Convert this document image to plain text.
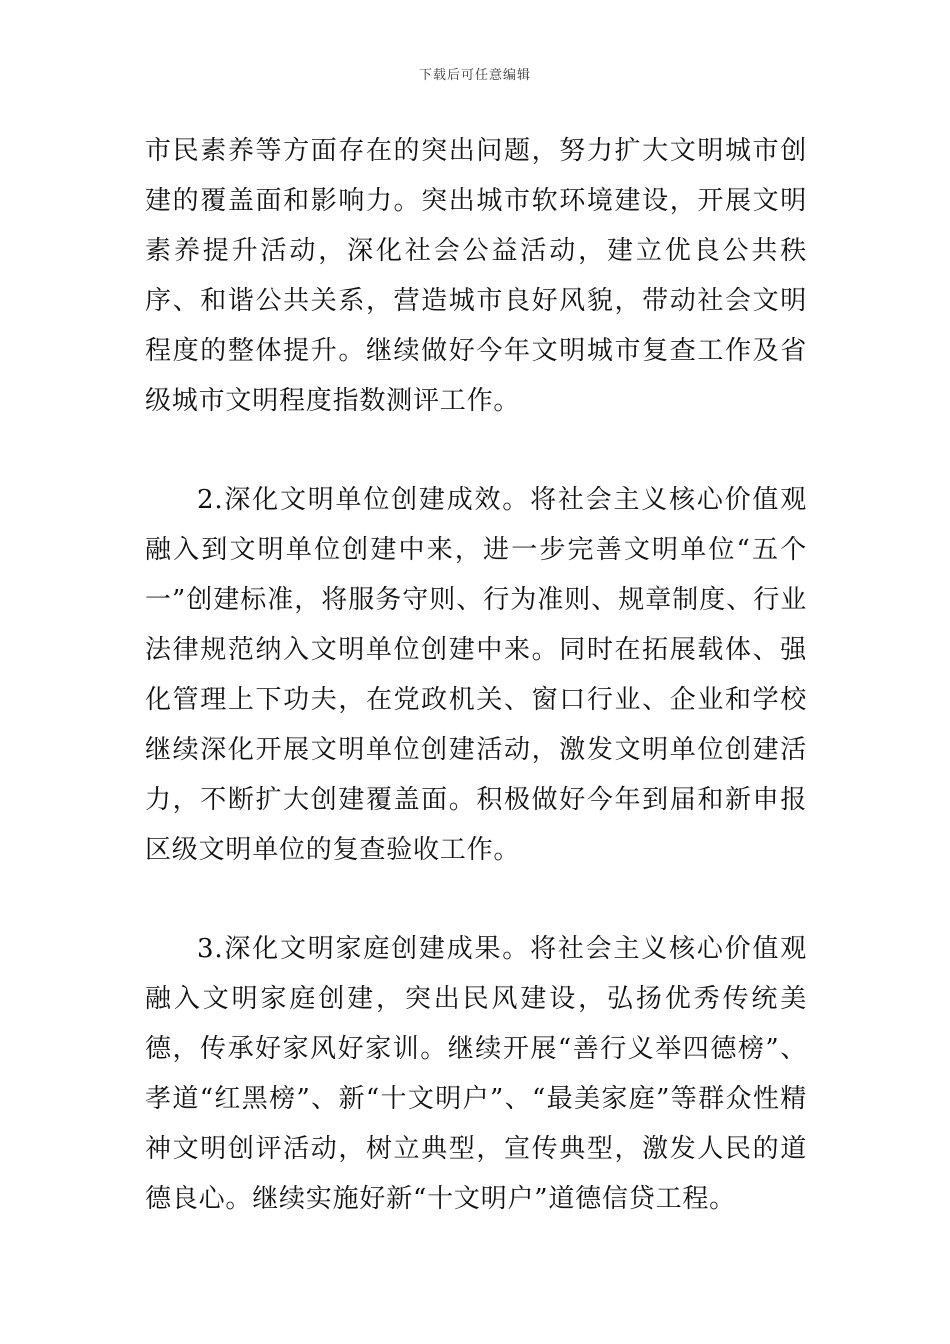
下载后可任意编辑

市民素养等方面存在的突出问题，努力扩大文明城市创建的覆盖面和影响力。突出城市软环境建设，开展文明素养提升活动，深化社会公益活动，建立优良公共秩序、和谐公共关系，营造城市良好风貌，带动社会文明程度的整体提升。继续做好今年文明城市复查工作及省级城市文明程度指数测评工作。

2.深化文明单位创建成效。将社会主义核心价值观融入到文明单位创建中来，进一步完善文明单位“五个一”创建标准，将服务守则、行为准则、规章制度、行业法律规范纳入文明单位创建中来。同时在拓展载体、强化管理上下功夫，在党政机关、窗口行业、企业和学校继续深化开展文明单位创建活动，激发文明单位创建活力，不断扩大创建覆盖面。积极做好今年到届和新申报区级文明单位的复查验收工作。

3.深化文明家庭创建成果。将社会主义核心价值观融入文明家庭创建，突出民风建设，弘扬优秀传统美德，传承好家风好家训。继续开展“善行义举四德榜”、孝道“红黑榜”、新“十文明户”、“最美家庭”等群众性精神文明创评活动，树立典型，宣传典型，激发人民的道德良心。继续实施好新“十文明户”道德信贷工程。
